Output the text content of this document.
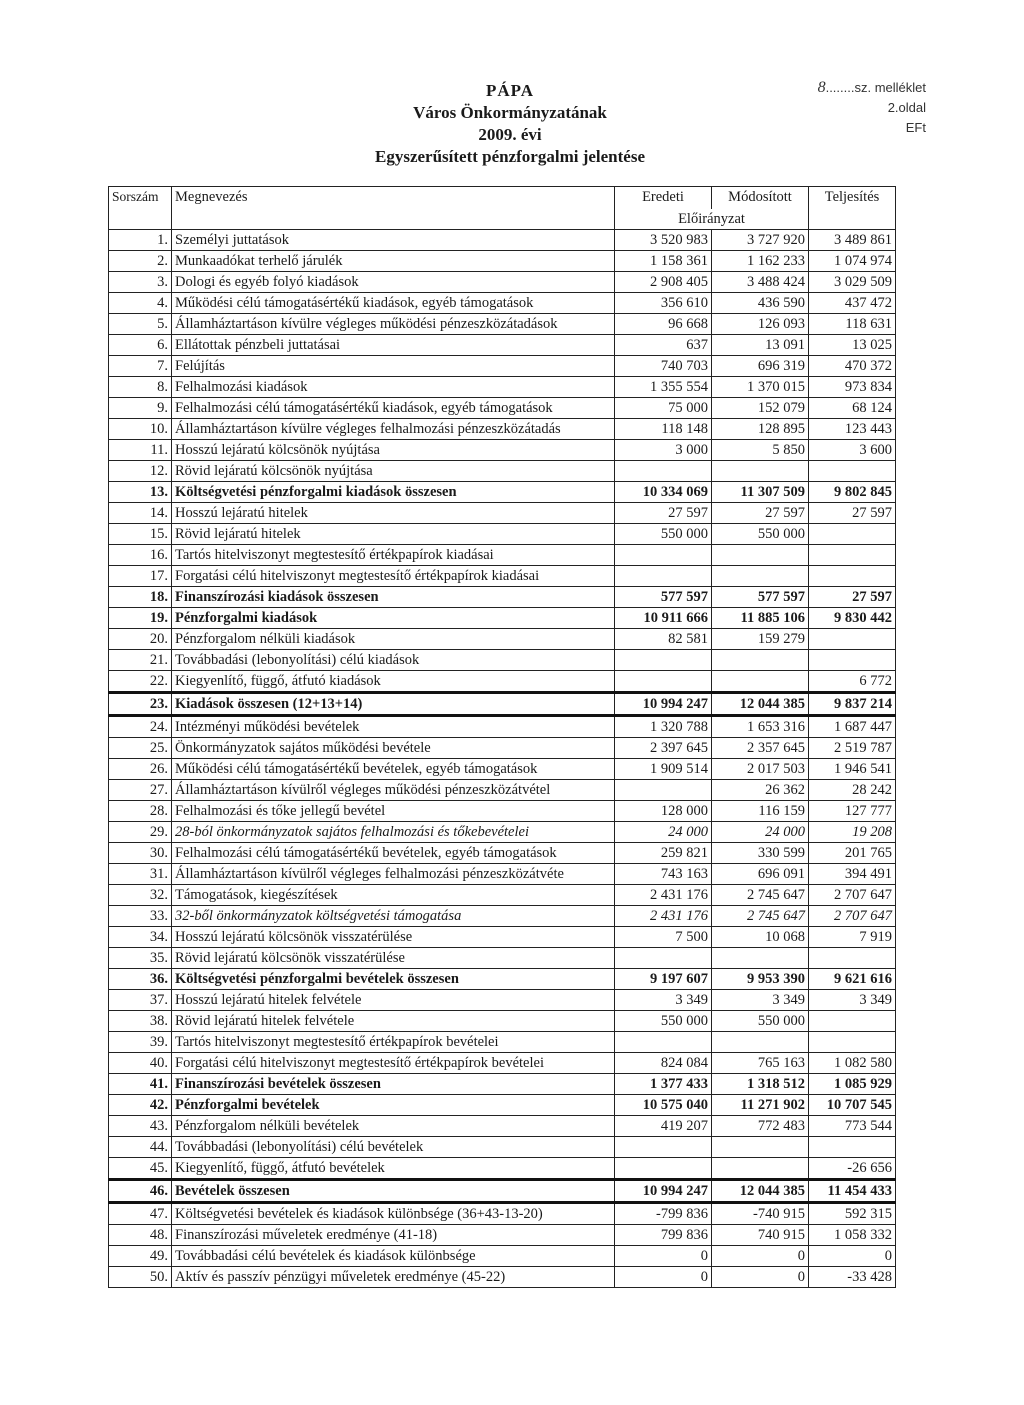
PÁPA
Város Önkormányzatának
2009. évi
Egyszerűsített pénzforgalmi jelentése
8........sz. melléklet
2.oldal
EFt
Sorszám	Megnevezés	Eredeti	Módosított	Teljesítés
		Előirányzat		
1.	Személyi juttatások	3 520 983	3 727 920	3 489 861
2.	Munkaadókat terhelő járulék	1 158 361	1 162 233	1 074 974
3.	Dologi és egyéb folyó kiadások	2 908 405	3 488 424	3 029 509
4.	Működési célú támogatásértékű kiadások, egyéb támogatások	356 610	436 590	437 472
5.	Államháztartáson kívülre végleges működési pénzeszközátadások	96 668	126 093	118 631
6.	Ellátottak pénzbeli juttatásai	637	13 091	13 025
7.	Felújítás	740 703	696 319	470 372
8.	Felhalmozási kiadások	1 355 554	1 370 015	973 834
9.	Felhalmozási célú támogatásértékű kiadások, egyéb támogatások	75 000	152 079	68 124
10.	Államháztartáson kívülre végleges felhalmozási pénzeszközátadás	118 148	128 895	123 443
11.	Hosszú lejáratú kölcsönök nyújtása	3 000	5 850	3 600
12.	Rövid lejáratú kölcsönök nyújtása			
13.	Költségvetési pénzforgalmi kiadások összesen	10 334 069	11 307 509	9 802 845
14.	Hosszú lejáratú hitelek	27 597	27 597	27 597
15.	Rövid lejáratú hitelek	550 000	550 000	
16.	Tartós hitelviszonyt megtestesítő értékpapírok kiadásai			
17.	Forgatási célú hitelviszonyt megtestesítő értékpapírok kiadásai			
18.	Finanszírozási kiadások összesen	577 597	577 597	27 597
19.	Pénzforgalmi kiadások	10 911 666	11 885 106	9 830 442
20.	Pénzforgalom nélküli kiadások	82 581	159 279	
21.	Továbbadási (lebonyolítási) célú kiadások			
22.	Kiegyenlítő, függő, átfutó kiadások			6 772
23.	Kiadások összesen (12+13+14)	10 994 247	12 044 385	9 837 214
24.	Intézményi működési bevételek	1 320 788	1 653 316	1 687 447
25.	Önkormányzatok sajátos működési bevétele	2 397 645	2 357 645	2 519 787
26.	Működési célú támogatásértékű bevételek, egyéb támogatások	1 909 514	2 017 503	1 946 541
27.	Államháztartáson kívülről végleges működési pénzeszközátvétel		26 362	28 242
28.	Felhalmozási és tőke jellegű bevétel	128 000	116 159	127 777
29.	28-ból önkormányzatok sajátos felhalmozási és tőkebevételei	24 000	24 000	19 208
30.	Felhalmozási célú támogatásértékű bevételek, egyéb támogatások	259 821	330 599	201 765
31.	Államháztartáson kívülről végleges felhalmozási pénzeszközátvéte	743 163	696 091	394 491
32.	Támogatások, kiegészítések	2 431 176	2 745 647	2 707 647
33.	32-ből önkormányzatok költségvetési támogatása	2 431 176	2 745 647	2 707 647
34.	Hosszú lejáratú kölcsönök visszatérülése	7 500	10 068	7 919
35.	Rövid lejáratú kölcsönök visszatérülése			
36.	Költségvetési pénzforgalmi bevételek összesen	9 197 607	9 953 390	9 621 616
37.	Hosszú lejáratú hitelek felvétele	3 349	3 349	3 349
38.	Rövid lejáratú hitelek felvétele	550 000	550 000	
39.	Tartós hitelviszonyt megtestesítő értékpapírok bevételei			
40.	Forgatási célú hitelviszonyt megtestesítő értékpapírok bevételei	824 084	765 163	1 082 580
41.	Finanszírozási bevételek összesen	1 377 433	1 318 512	1 085 929
42.	Pénzforgalmi bevételek	10 575 040	11 271 902	10 707 545
43.	Pénzforgalom nélküli bevételek	419 207	772 483	773 544
44.	Továbbadási (lebonyolítási) célú bevételek			
45.	Kiegyenlítő, függő, átfutó bevételek			-26 656
46.	Bevételek összesen	10 994 247	12 044 385	11 454 433
47.	Költségvetési bevételek és kiadások különbsége (36+43-13-20)	-799 836	-740 915	592 315
48.	Finanszírozási műveletek eredménye (41-18)	799 836	740 915	1 058 332
49.	Továbbadási célú bevételek és kiadások különbsége	0	0	0
50.	Aktív és passzív pénzügyi műveletek eredménye (45-22)	0	0	-33 428
